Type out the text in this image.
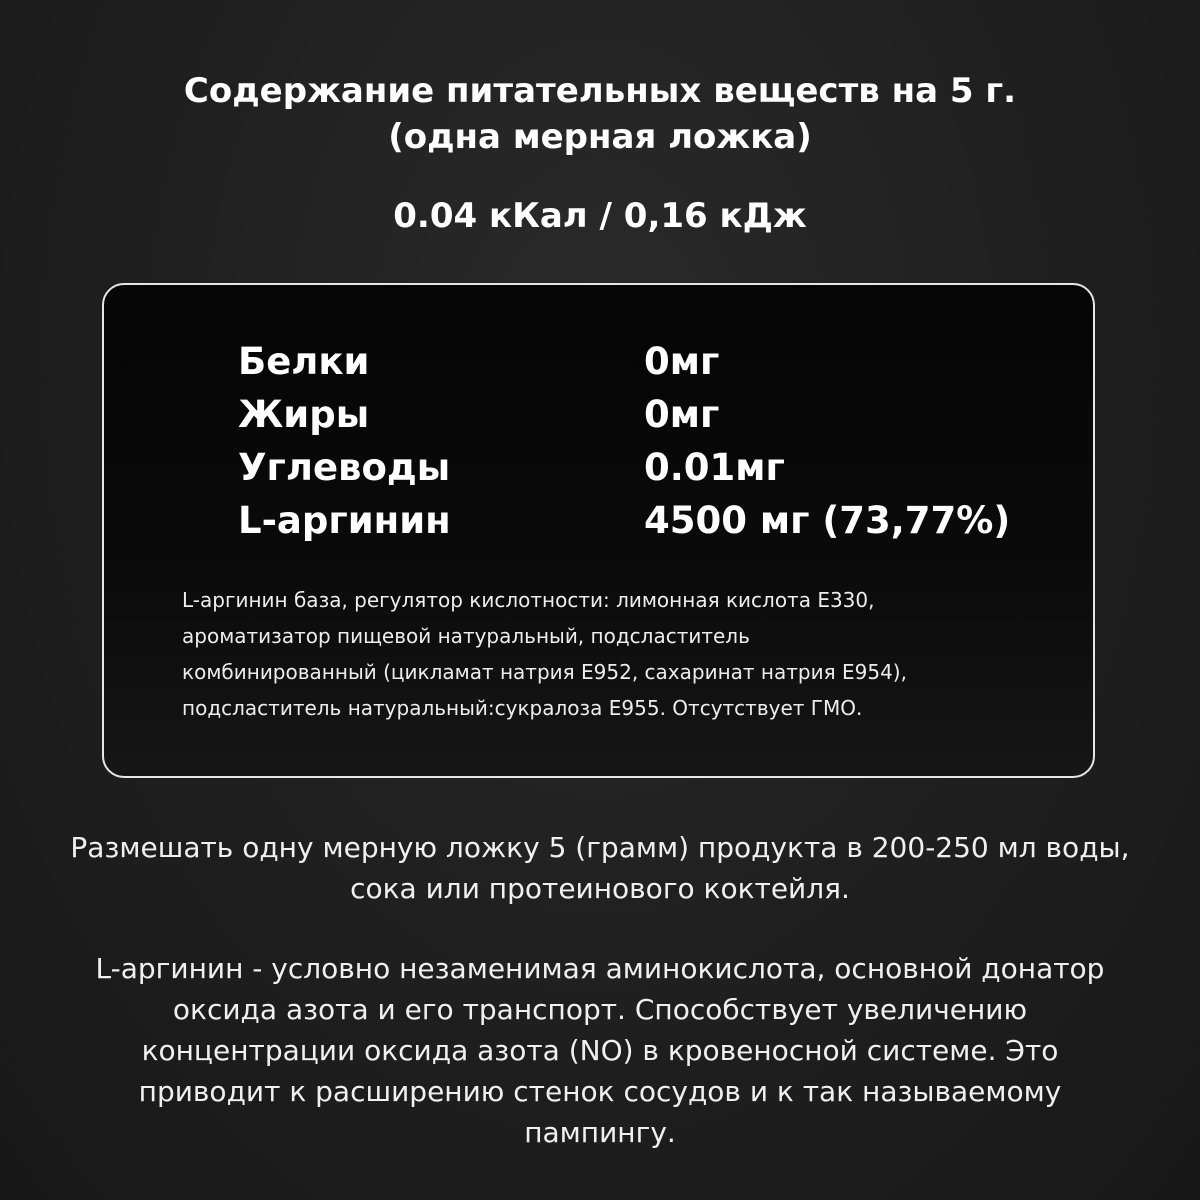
Содержание питательных веществ на 5 г.
(одна мерная ложка)
0.04 кКал / 0,16 кДж
Белки	0мг
Жиры	0мг
Углеводы	0.01мг
L-аргинин	4500 мг (73,77%)
L-аргинин база, регулятор кислотности: лимонная кислота E330,
ароматизатор пищевой натуральный, подсластитель
комбинированный (цикламат натрия E952, сахаринат натрия E954),
подсластитель натуральный:сукралоза E955. Отсутствует ГМО.
Размешать одну мерную ложку 5 (грамм) продукта в 200-250 мл воды,
сока или протеинового коктейля.
L-аргинин - условно незаменимая аминокислота, основной донатор
оксида азота и его транспорт. Способствует увеличению
концентрации оксида азота (NO) в кровеносной системе. Это
приводит к расширению стенок сосудов и к так называемому
пампингу.
